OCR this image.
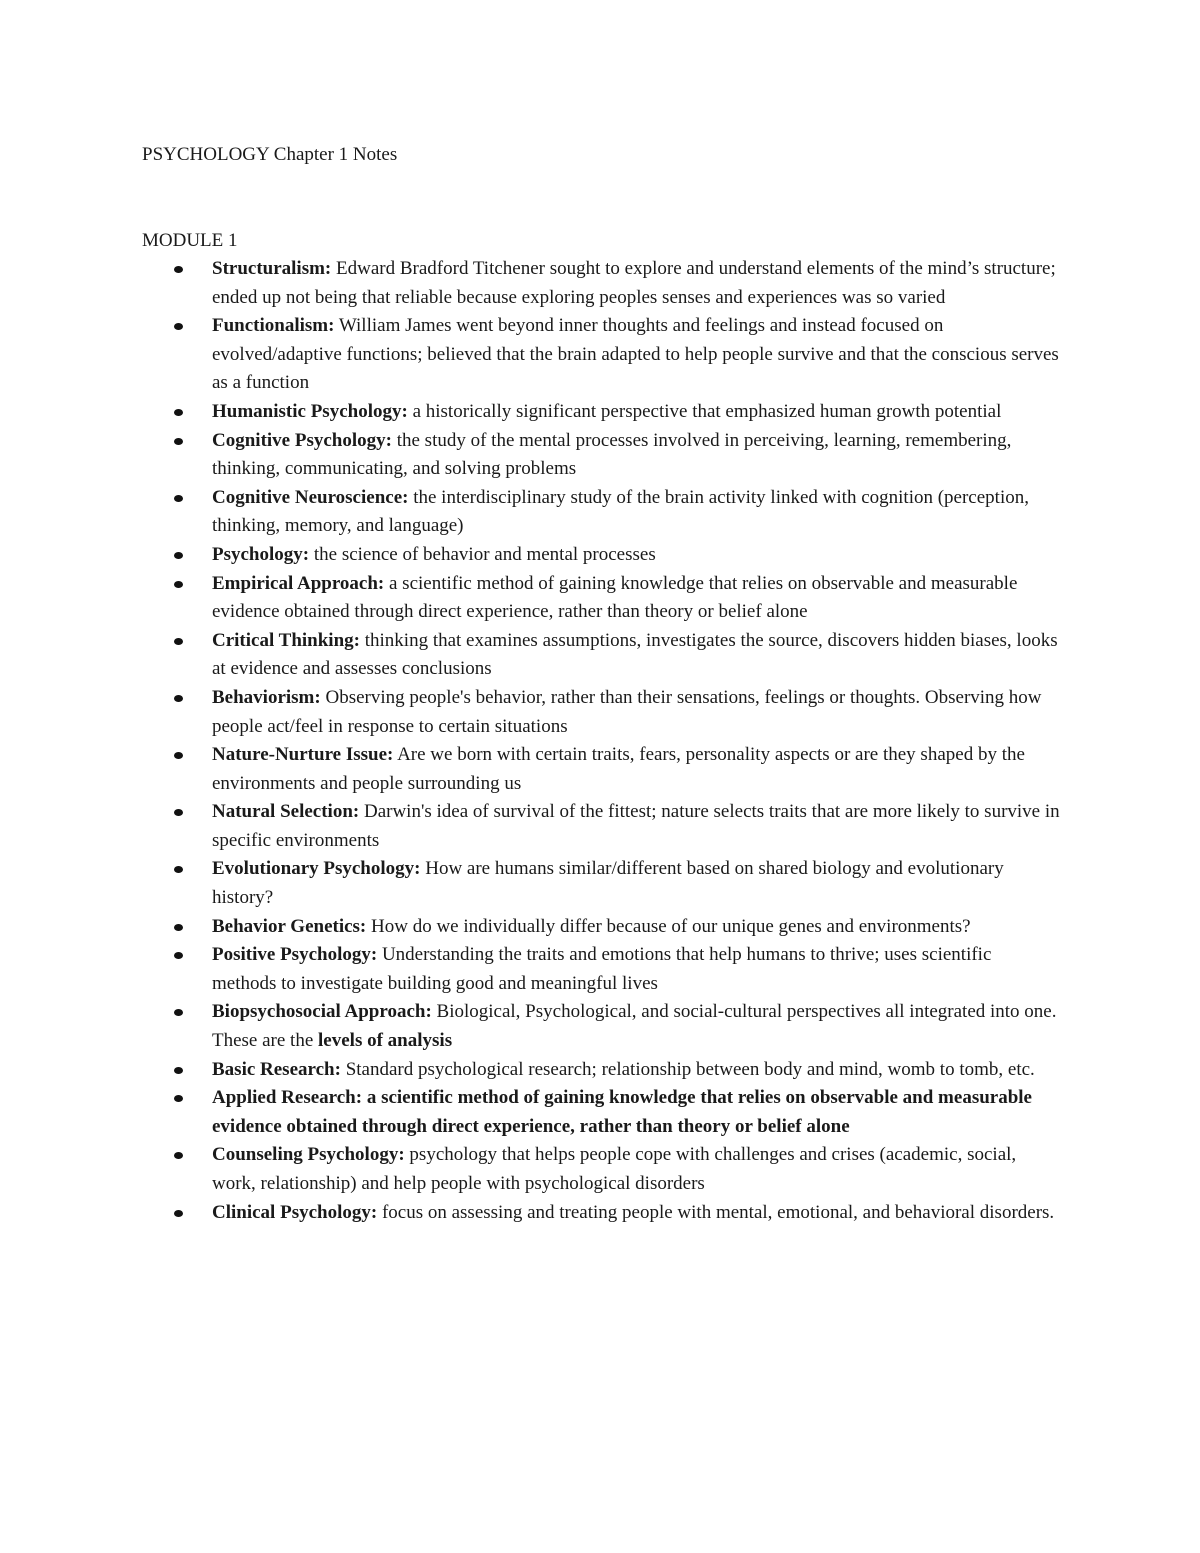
PSYCHOLOGY Chapter 1 Notes
MODULE 1
Structuralism: Edward Bradford Titchener sought to explore and understand elements of the mind’s structure; ended up not being that reliable because exploring peoples senses and experiences was so varied
Functionalism: William James went beyond inner thoughts and feelings and instead focused on evolved/adaptive functions; believed that the brain adapted to help people survive and that the conscious serves as a function
Humanistic Psychology: a historically significant perspective that emphasized human growth potential
Cognitive Psychology: the study of the mental processes involved in perceiving, learning, remembering, thinking, communicating, and solving problems
Cognitive Neuroscience: the interdisciplinary study of the brain activity linked with cognition (perception, thinking, memory, and language)
Psychology: the science of behavior and mental processes
Empirical Approach: a scientific method of gaining knowledge that relies on observable and measurable evidence obtained through direct experience, rather than theory or belief alone
Critical Thinking: thinking that examines assumptions, investigates the source, discovers hidden biases, looks at evidence and assesses conclusions
Behaviorism: Observing people's behavior, rather than their sensations, feelings or thoughts. Observing how people act/feel in response to certain situations
Nature-Nurture Issue: Are we born with certain traits, fears, personality aspects or are they shaped by the environments and people surrounding us
Natural Selection: Darwin's idea of survival of the fittest; nature selects traits that are more likely to survive in specific environments
Evolutionary Psychology: How are humans similar/different based on shared biology and evolutionary history?
Behavior Genetics: How do we individually differ because of our unique genes and environments?
Positive Psychology: Understanding the traits and emotions that help humans to thrive; uses scientific methods to investigate building good and meaningful lives
Biopsychosocial Approach: Biological, Psychological, and social-cultural perspectives all integrated into one. These are the levels of analysis
Basic Research: Standard psychological research; relationship between body and mind, womb to tomb, etc.
Applied Research: a scientific method of gaining knowledge that relies on observable and measurable evidence obtained through direct experience, rather than theory or belief alone
Counseling Psychology: psychology that helps people cope with challenges and crises (academic, social, work, relationship) and help people with psychological disorders
Clinical Psychology: focus on assessing and treating people with mental, emotional, and behavioral disorders.
